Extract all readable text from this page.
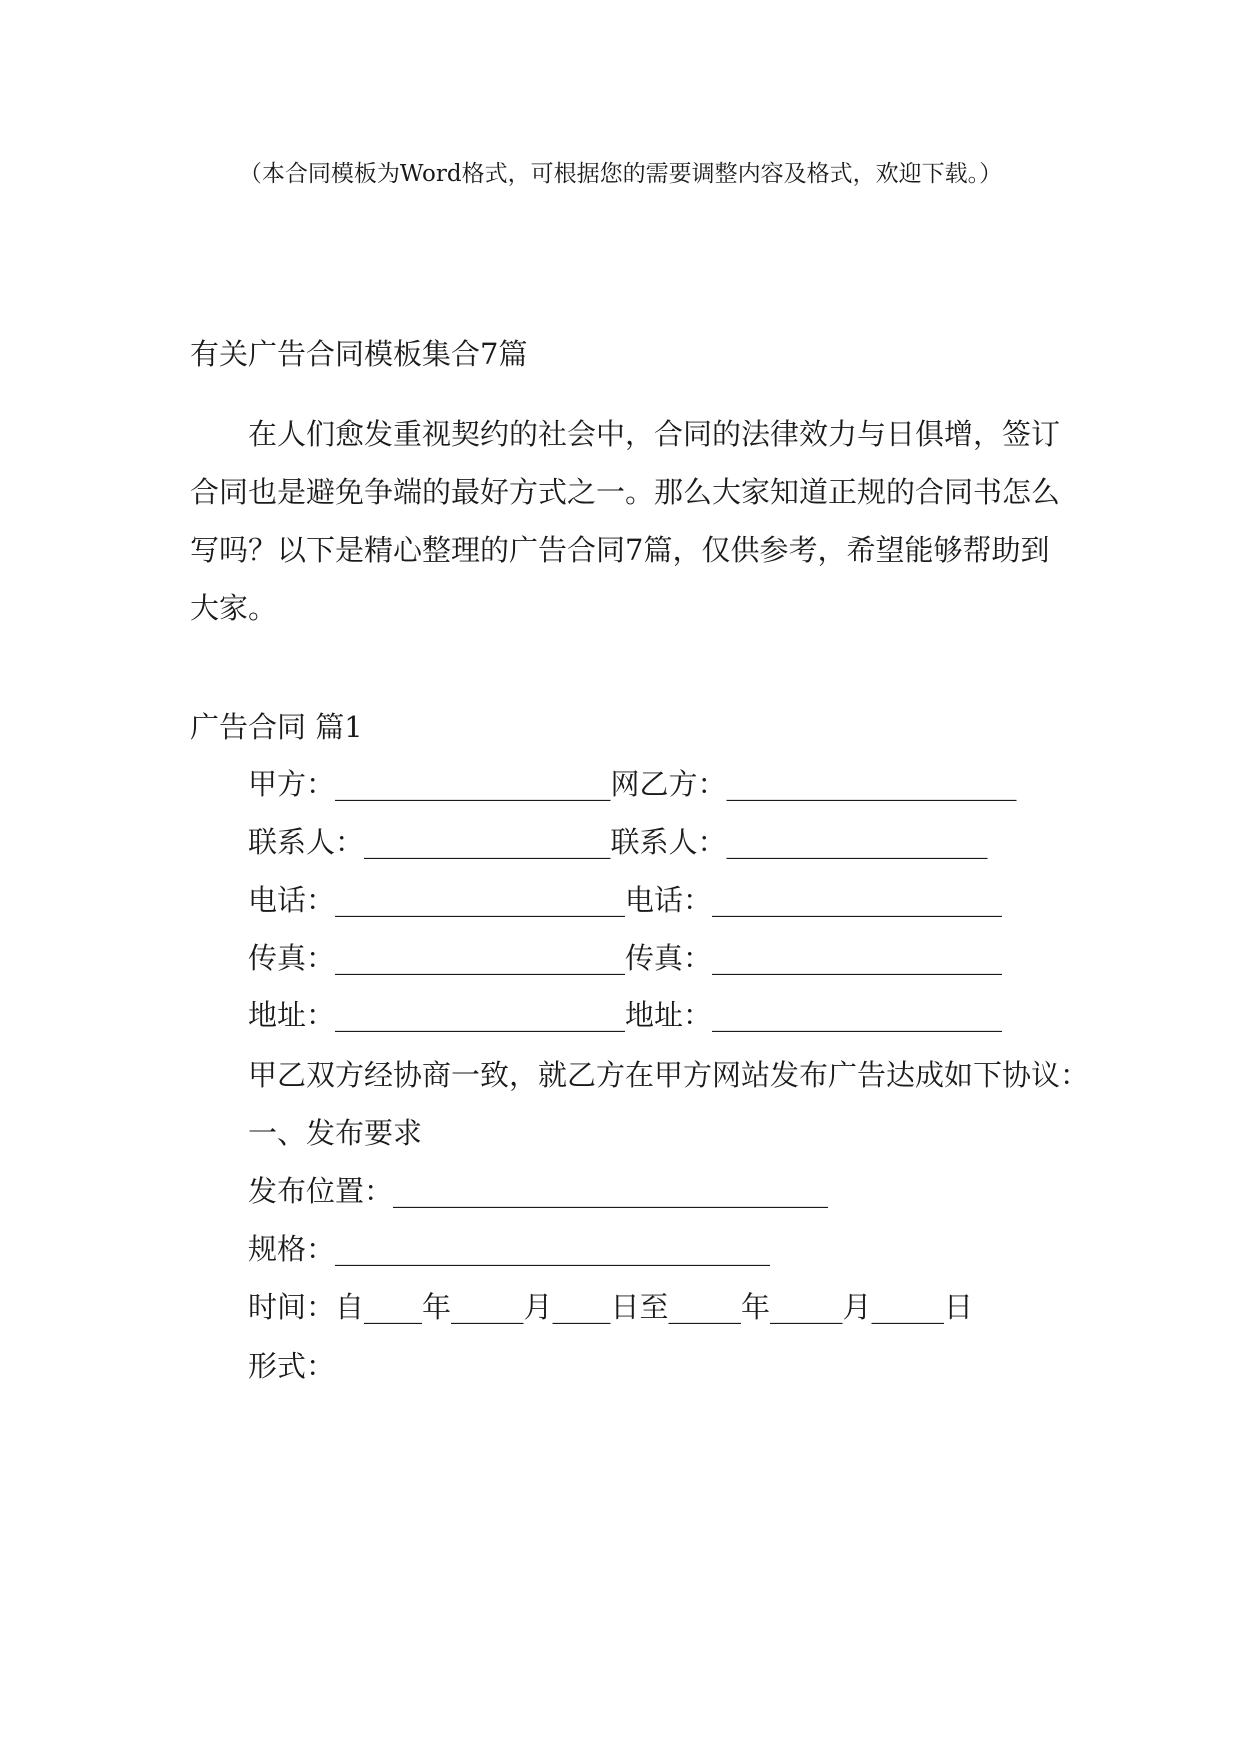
（本合同模板为Word格式，可根据您的需要调整内容及格式，欢迎下载。）
有关广告合同模板集合7篇
在人们愈发重视契约的社会中，合同的法律效力与日俱增，签订
合同也是避免争端的最好方式之一。那么大家知道正规的合同书怎么
写吗？以下是精心整理的广告合同7篇，仅供参考，希望能够帮助到
大家。
广告合同 篇1
甲方：___________________网乙方：____________________
联系人：_________________联系人：__________________
电话：____________________电话：____________________
传真：____________________传真：____________________
地址：____________________地址：____________________
甲乙双方经协商一致，就乙方在甲方网站发布广告达成如下协议：
一、发布要求
发布位置：______________________________
规格：______________________________
时间：自____年_____月____日至_____年_____月_____日
形式：
